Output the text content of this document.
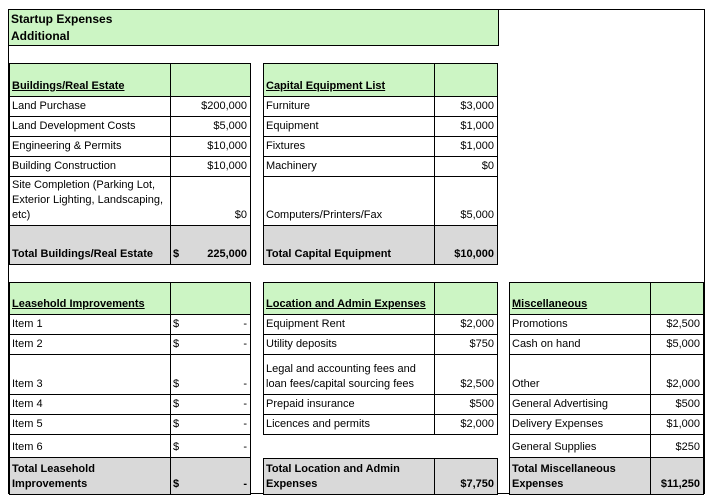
Startup Expenses
Additional
Buildings/Real Estate
Land Purchase	$200,000
Land Development Costs	$5,000
Engineering & Permits	$10,000
Building Construction	$10,000
Site Completion (Parking Lot, Exterior Lighting, Landscaping, etc)	$0
Total Buildings/Real Estate	$	225,000
Capital Equipment List
Furniture	$3,000
Equipment	$1,000
Fixtures	$1,000
Machinery	$0
Computers/Printers/Fax	$5,000
Total Capital Equipment	$10,000
Leasehold Improvements
Item 1	$	-
Item 2	$	-
Item 3	$	-
Item 4	$	-
Item 5	$	-
Item 6	$	-
Total Leasehold Improvements	$	-
Location and Admin Expenses
Equipment Rent	$2,000
Utility deposits	$750
Legal and accounting fees and loan fees/capital sourcing fees	$2,500
Prepaid insurance	$500
Licences and permits	$2,000
Total Location and Admin Expenses	$7,750
Miscellaneous
Promotions	$2,500
Cash on hand	$5,000
Other	$2,000
General Advertising	$500
Delivery Expenses	$1,000
General Supplies	$250
Total Miscellaneous Expenses	$11,250
